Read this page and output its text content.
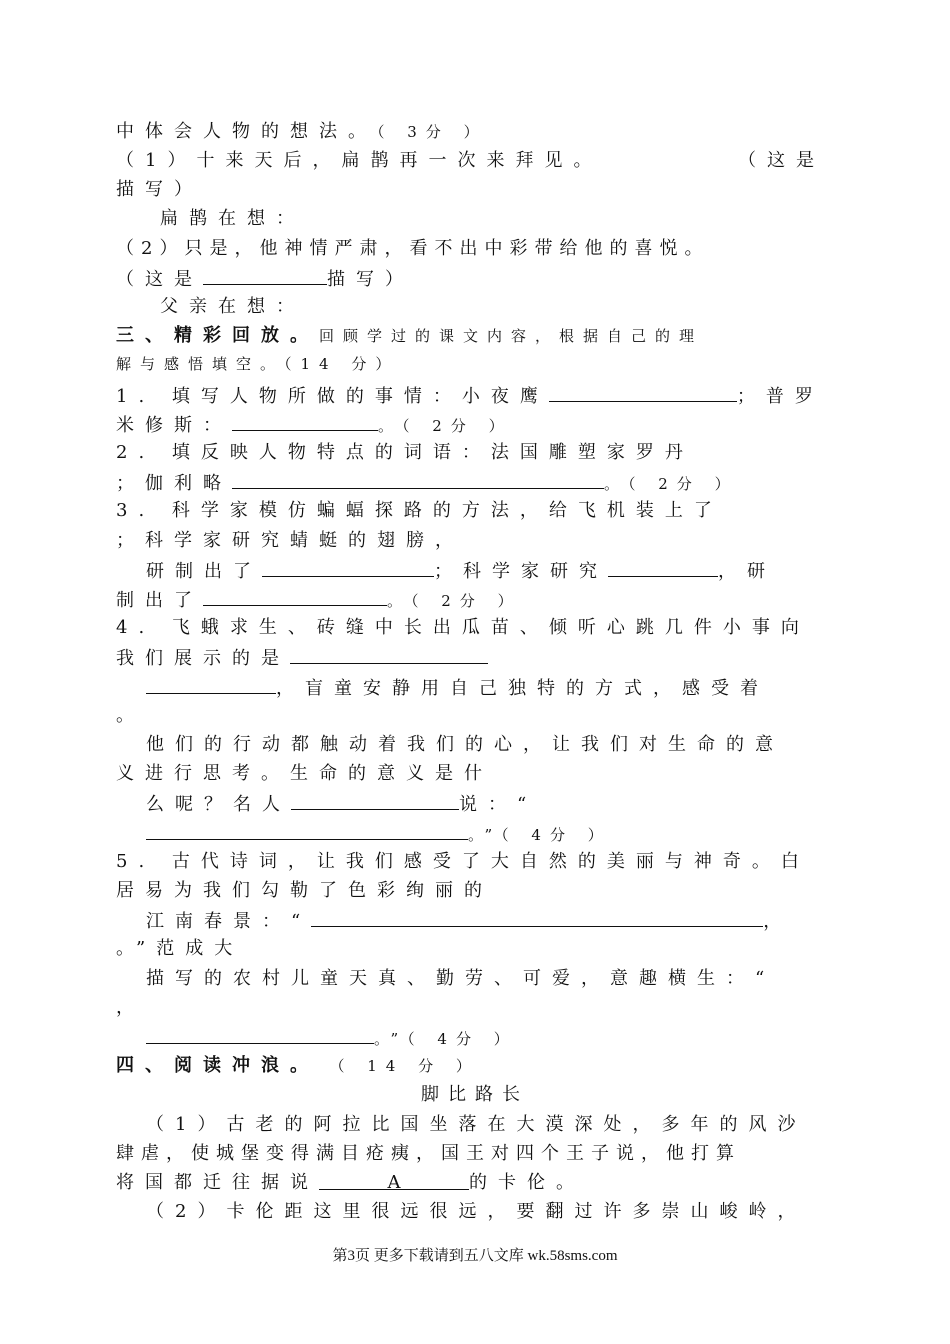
中体会人物的想法。（ 3分 ）
（1）十来天后，扁鹊再一次来拜见。	（这是
描写）
扁鹊在想：
（2）只是，他神情严肃，看不出中彩带给他的喜悦。
（这是	描写）
父亲在想：
三、精彩回放。回顾学过的课文内容，根据自己的理
解与感悟填空。（14 分）
1. 填写人物所做的事情：小夜鹰	；普罗
米修斯：	。（ 2分 ）
2. 填反映人物特点的词语：法国雕塑家罗丹
；伽利略	。（ 2分 ）
3. 科学家模仿蝙蝠探路的方法，给飞机装上了
；科学家研究蜻蜓的翅膀，
研制出了	；科学家研究	，研
制出了	。（ 2分 ）
4. 飞蛾求生、砖缝中长出瓜苗、倾听心跳几件小事向
我们展示的是
，盲童安静用自己独特的方式，感受着
。
他们的行动都触动着我们的心，让我们对生命的意
义进行思考。生命的意义是什
么呢？名人	说：“
。”（ 4分 ）
5. 古代诗词，让我们感受了大自然的美丽与神奇。白
居易为我们勾勒了色彩绚丽的
江南春景：“	，
。”范成大
描写的农村儿童天真、勤劳、可爱，意趣横生：“
，
。”（ 4分 ）
四、阅读冲浪。 （ 14 分 ）
脚比路长
（1）古老的阿拉比国坐落在大漠深处，多年的风沙
肆虐，使城堡变得满目疮痍，国王对四个王子说，他打算
将国都迁往据说	A	的卡伦。
（2）卡伦距这里很远很远，要翻过许多崇山峻岭，
第3页 更多下载请到五八文库 wk.58sms.com
